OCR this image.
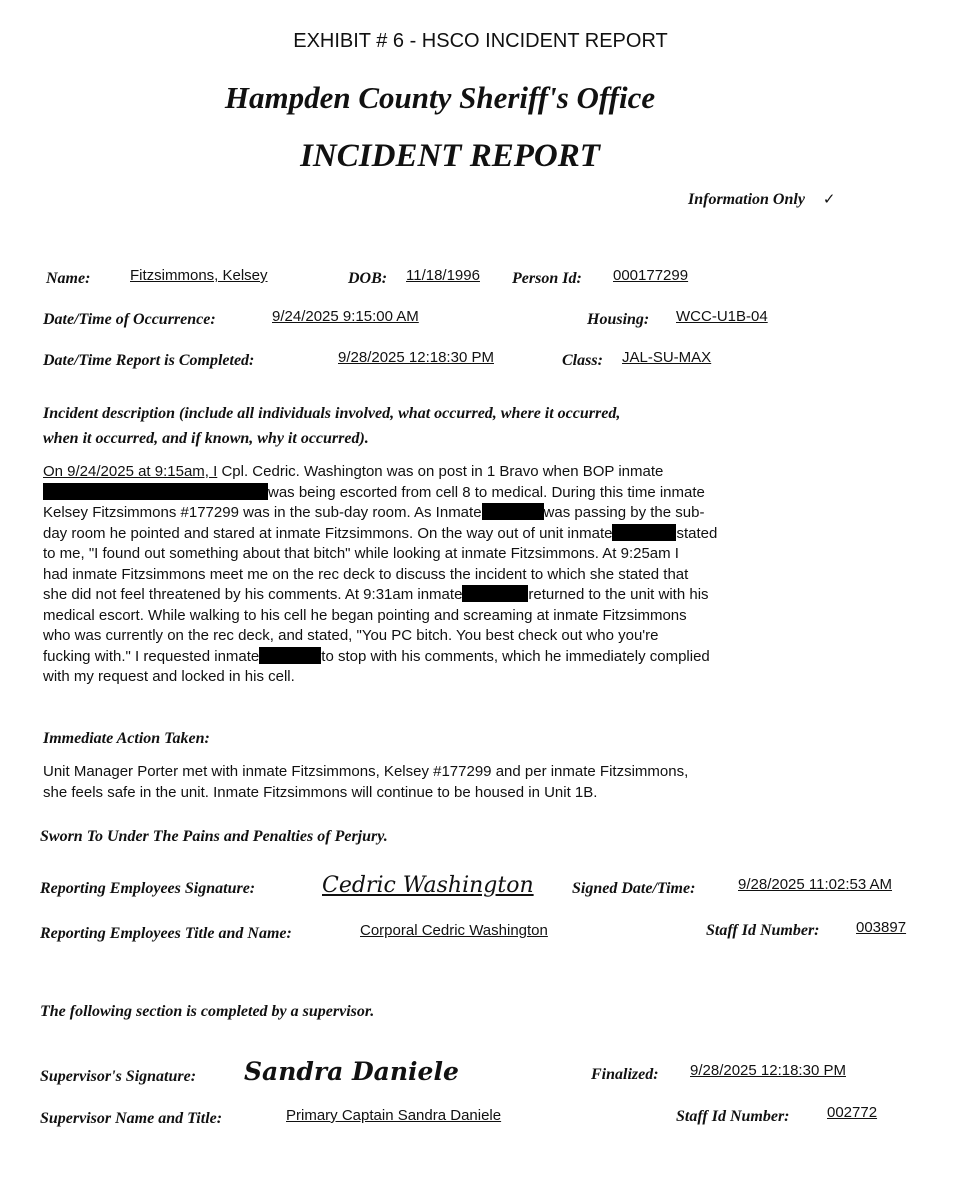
EXHIBIT # 6 - HSCO INCIDENT REPORT
Hampden County Sheriff's Office
INCIDENT REPORT
Information Only ✓
Name:	Fitzsimmons, Kelsey	DOB: 11/18/1996 Person Id: 000177299
Date/Time of Occurrence:	9/24/2025 9:15:00 AM	Housing: WCC-U1B-04
Date/Time Report is Completed:	9/28/2025 12:18:30 PM	Class: JAL-SU-MAX
Incident description (include all individuals involved, what occurred, where it occurred,
when it occurred, and if known, why it occurred).
On 9/24/2025 at 9:15am, I Cpl. Cedric. Washington was on post in 1 Bravo when BOP inmate
was being escorted from cell 8 to medical. During this time inmate
Kelsey Fitzsimmons #177299 was in the sub-day room. As Inmate	was passing by the sub-
day room he pointed and stared at inmate Fitzsimmons. On the way out of unit inmate	stated
to me, "I found out something about that bitch" while looking at inmate Fitzsimmons. At 9:25am I
had inmate Fitzsimmons meet me on the rec deck to discuss the incident to which she stated that
she did not feel threatened by his comments. At 9:31am inmate	returned to the unit with his
medical escort. While walking to his cell he began pointing and screaming at inmate Fitzsimmons
who was currently on the rec deck, and stated, "You PC bitch. You best check out who you're
fucking with." I requested inmate	to stop with his comments, which he immediately complied
with my request and locked in his cell.
Immediate Action Taken:
Unit Manager Porter met with inmate Fitzsimmons, Kelsey #177299 and per inmate Fitzsimmons,
she feels safe in the unit. Inmate Fitzsimmons will continue to be housed in Unit 1B.
Sworn To Under The Pains and Penalties of Perjury.
Reporting Employees Signature:	Cedric Washington Signed Date/Time:	9/28/2025 11:02:53 AM
Reporting Employees Title and Name:	Corporal Cedric Washington	Staff Id Number: 003897
The following section is completed by a supervisor.
Supervisor's Signature: Sandra Daniele	Finalized: 9/28/2025 12:18:30 PM
Supervisor Name and Title:	Primary Captain Sandra Daniele	Staff Id Number:	002772
